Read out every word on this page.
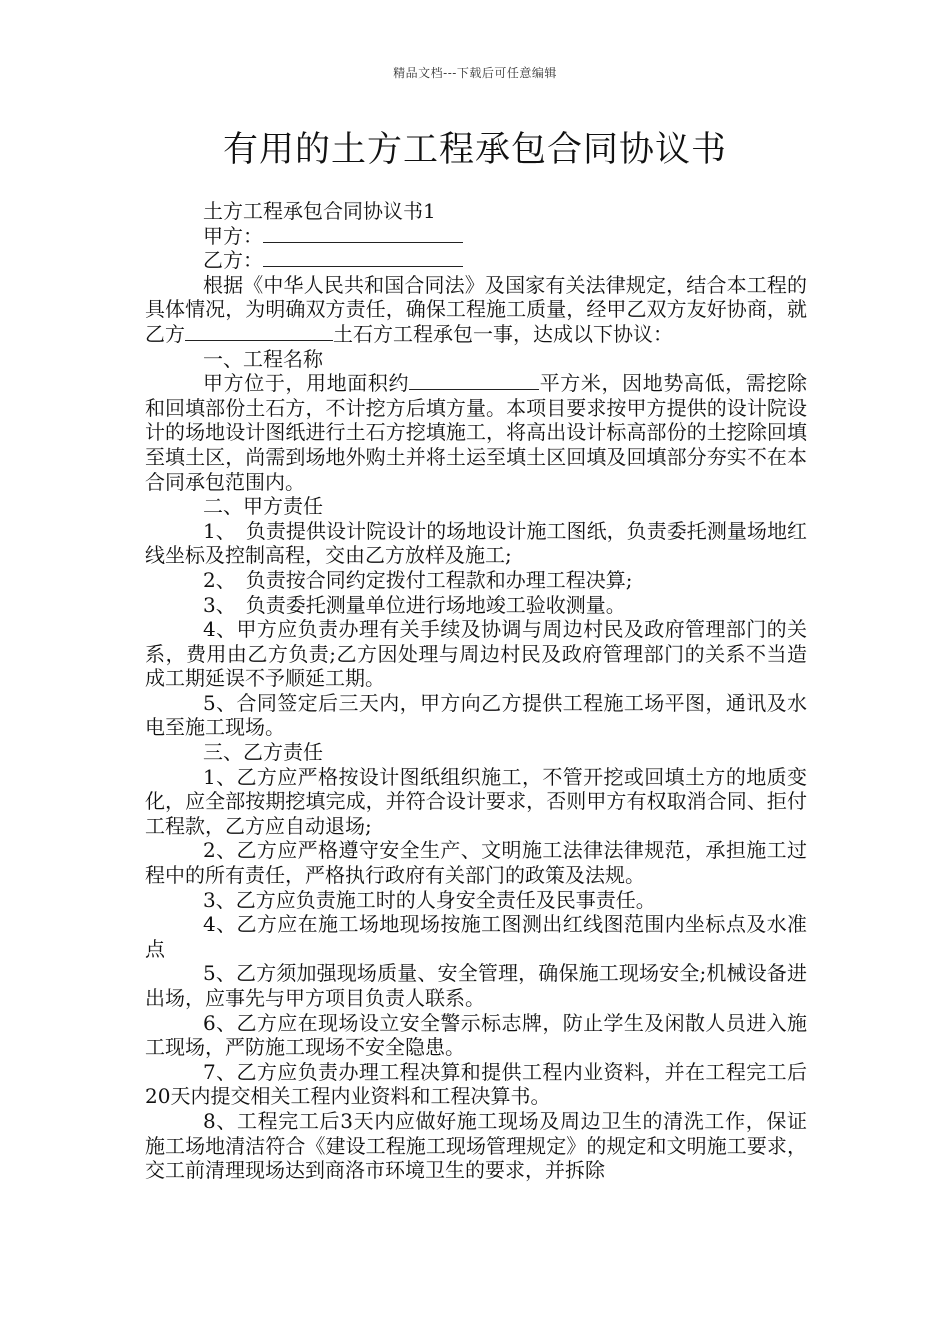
精品文档---下载后可任意编辑
有用的土方工程承包合同协议书

土方工程承包合同协议书1

甲方：

乙方：

根据《中华人民共和国合同法》及国家有关法律规定，结合本工程的具体情况，为明确双方责任，确保工程施工质量，经甲乙双方友好协商，就乙方	土石方工程承包一事，达成以下协议：

一、工程名称

甲方位于，用地面积约	平方米，因地势高低，需挖除和回填部份土石方，不计挖方后填方量。本项目要求按甲方提供的设计院设计的场地设计图纸进行土石方挖填施工，将高出设计标高部份的土挖除回填至填土区，尚需到场地外购土并将土运至填土区回填及回填部分夯实不在本合同承包范围内。

二、甲方责任

1、　负责提供设计院设计的场地设计施工图纸，负责委托测量场地红线坐标及控制高程，交由乙方放样及施工;

2、　负责按合同约定拨付工程款和办理工程决算;

3、　负责委托测量单位进行场地竣工验收测量。

4、甲方应负责办理有关手续及协调与周边村民及政府管理部门的关系，费用由乙方负责;乙方因处理与周边村民及政府管理部门的关系不当造成工期延误不予顺延工期。

5、合同签定后三天内，甲方向乙方提供工程施工场平图，通讯及水电至施工现场。

三、乙方责任

1、乙方应严格按设计图纸组织施工，不管开挖或回填土方的地质变化，应全部按期挖填完成，并符合设计要求，否则甲方有权取消合同、拒付工程款，乙方应自动退场;

2、乙方应严格遵守安全生产、文明施工法律法律规范，承担施工过程中的所有责任，严格执行政府有关部门的政策及法规。

3、乙方应负责施工时的人身安全责任及民事责任。

4、乙方应在施工场地现场按施工图测出红线图范围内坐标点及水准点

5、乙方须加强现场质量、安全管理，确保施工现场安全;机械设备进出场，应事先与甲方项目负责人联系。

6、乙方应在现场设立安全警示标志牌，防止学生及闲散人员进入施工现场，严防施工现场不安全隐患。

7、乙方应负责办理工程决算和提供工程内业资料，并在工程完工后20天内提交相关工程内业资料和工程决算书。

8、工程完工后3天内应做好施工现场及周边卫生的清洗工作，保证施工场地清洁符合《建设工程施工现场管理规定》的规定和文明施工要求，交工前清理现场达到商洛市环境卫生的要求，并拆除
